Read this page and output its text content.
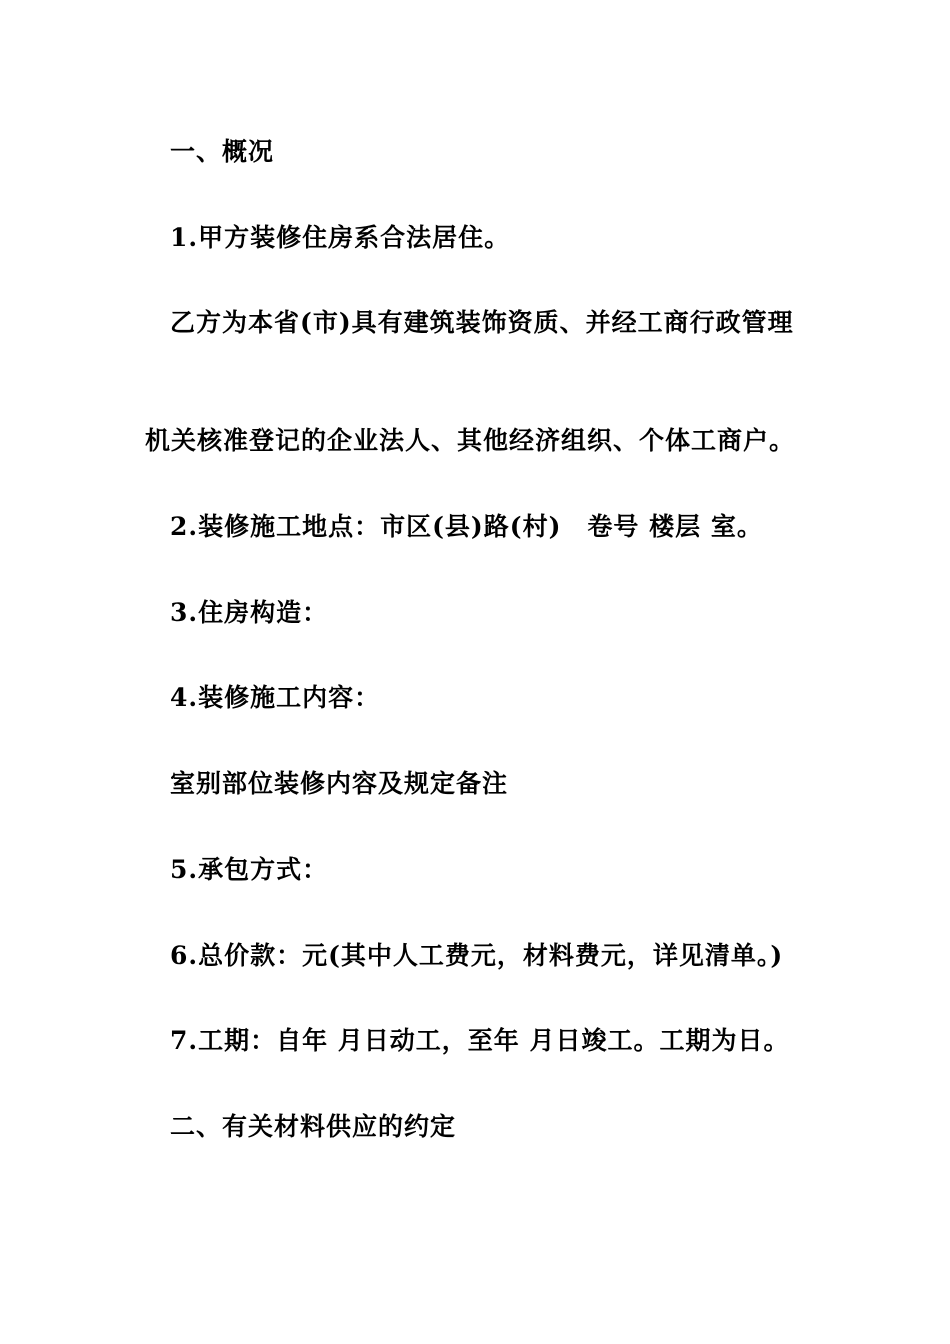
一、概况
1.甲方装修住房系合法居住。
乙方为本省(市)具有建筑装饰资质、并经工商行政管理
机关核准登记的企业法人、其他经济组织、个体工商户。
2.装修施工地点：市区(县)路(村)　卷号 楼层 室。
3.住房构造：
4.装修施工内容：
室别部位装修内容及规定备注
5.承包方式：
6.总价款：元(其中人工费元，材料费元，详见清单。)
7.工期：自年 月日动工，至年 月日竣工。工期为日。
二、有关材料供应的约定
